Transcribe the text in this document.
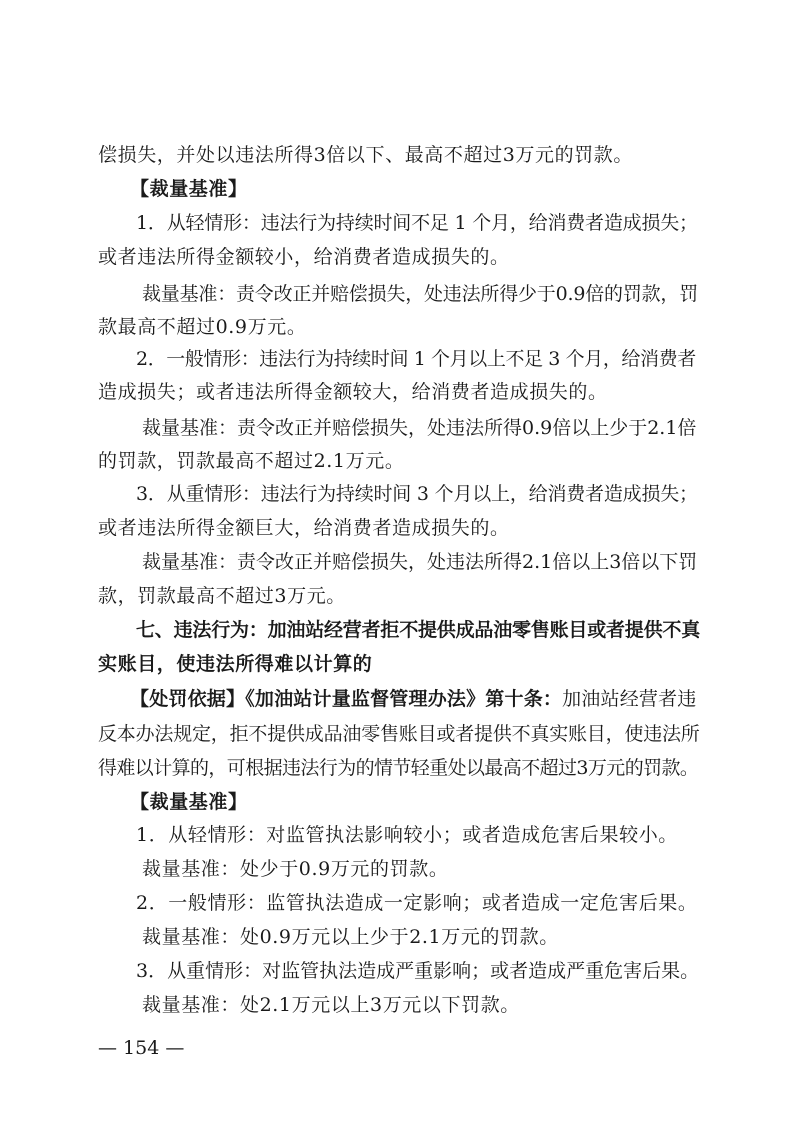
偿损失，并处以违法所得3倍以下、最高不超过3万元的罚款。
【裁量基准】
1．从轻情形：违法行为持续时间不足 1 个月，给消费者造成损失；
或者违法所得金额较小，给消费者造成损失的。
裁量基准：责令改正并赔偿损失，处违法所得少于0.9倍的罚款，罚
款最高不超过0.9万元。
2．一般情形：违法行为持续时间 1 个月以上不足 3 个月，给消费者
造成损失；或者违法所得金额较大，给消费者造成损失的。
裁量基准：责令改正并赔偿损失，处违法所得0.9倍以上少于2.1倍
的罚款，罚款最高不超过2.1万元。
3．从重情形：违法行为持续时间 3 个月以上，给消费者造成损失；
或者违法所得金额巨大，给消费者造成损失的。
裁量基准：责令改正并赔偿损失，处违法所得2.1倍以上3倍以下罚
款，罚款最高不超过3万元。
七、违法行为：加油站经营者拒不提供成品油零售账目或者提供不真
实账目，使违法所得难以计算的
【处罚依据】《加油站计量监督管理办法》第十条：加油站经营者违
反本办法规定，拒不提供成品油零售账目或者提供不真实账目，使违法所
得难以计算的，可根据违法行为的情节轻重处以最高不超过3万元的罚款。
【裁量基准】
1．从轻情形：对监管执法影响较小；或者造成危害后果较小。
裁量基准：处少于0.9万元的罚款。
2．一般情形：监管执法造成一定影响；或者造成一定危害后果。
裁量基准：处0.9万元以上少于2.1万元的罚款。
3．从重情形：对监管执法造成严重影响；或者造成严重危害后果。
裁量基准：处2.1万元以上3万元以下罚款。
— 154 —
